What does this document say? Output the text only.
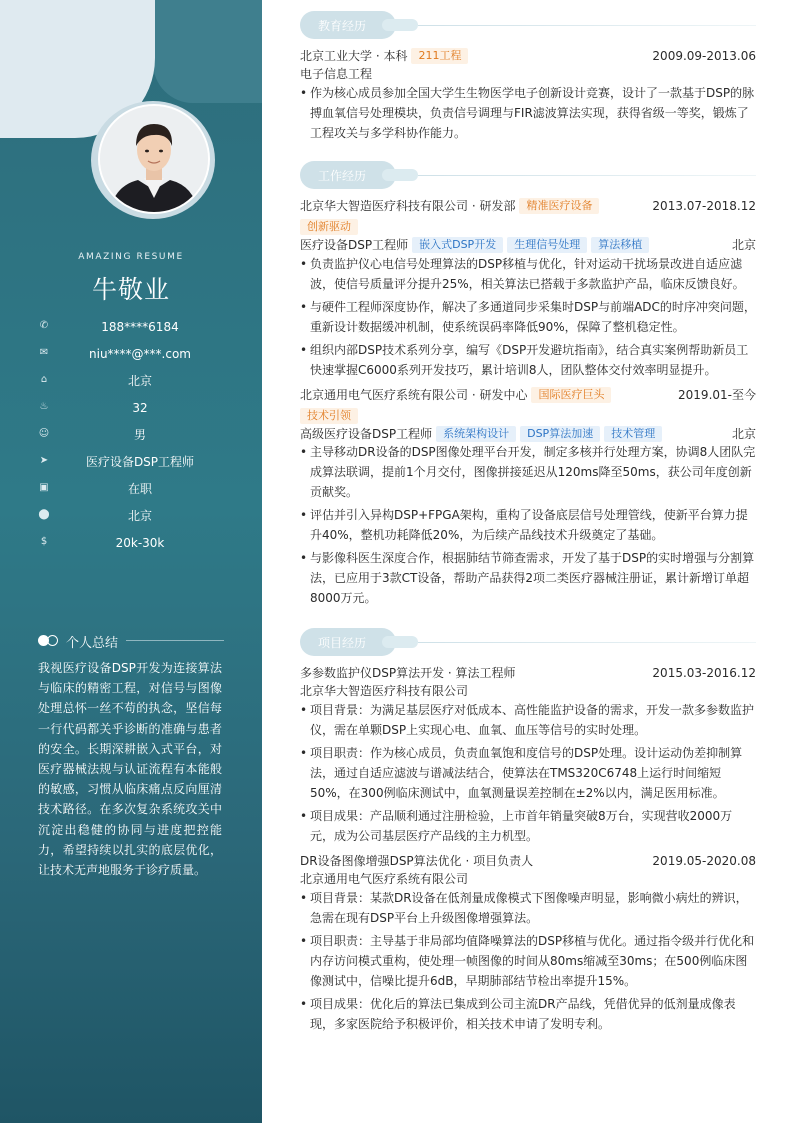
AMAZING RESUME
牛敬业
✆	188****6184
✉	niu****@***.com
⌂	北京
♨	32
☺	男
➤	医疗设备DSP工程师
▣	在职
⬤	北京
$	20k-30k
个人总结
我视医疗设备DSP开发为连接算法与临床的精密工程，对信号与图像处理总怀一丝不苟的执念，坚信每一行代码都关乎诊断的准确与患者的安全。长期深耕嵌入式平台，对医疗器械法规与认证流程有本能般的敏感，习惯从临床痛点反向厘清技术路径。在多次复杂系统攻关中沉淀出稳健的协同与进度把控能力，希望持续以扎实的底层优化，让技术无声地服务于诊疗质量。
教育经历
北京工业大学 · 本科 211工程	2009.09-2013.06
电子信息工程
• 作为核心成员参加全国大学生生物医学电子创新设计竞赛，设计了一款基于DSP的脉搏血氧信号处理模块，负责信号调理与FIR滤波算法实现，获得省级一等奖，锻炼了工程攻关与多学科协作能力。
工作经历
北京华大智造医疗科技有限公司 · 研发部 精准医疗设备	2013.07-2018.12
创新驱动
医疗设备DSP工程师 嵌入式DSP开发 生理信号处理 算法移植	北京
• 负责监护仪心电信号处理算法的DSP移植与优化，针对运动干扰场景改进自适应滤波，使信号质量评分提升25%，相关算法已搭载于多款监护产品，临床反馈良好。
• 与硬件工程师深度协作，解决了多通道同步采集时DSP与前端ADC的时序冲突问题，重新设计数据缓冲机制，使系统误码率降低90%，保障了整机稳定性。
• 组织内部DSP技术系列分享，编写《DSP开发避坑指南》，结合真实案例帮助新员工快速掌握C6000系列开发技巧，累计培训8人，团队整体交付效率明显提升。
北京通用电气医疗系统有限公司 · 研发中心 国际医疗巨头	2019.01-至今
技术引领
高级医疗设备DSP工程师 系统架构设计 DSP算法加速 技术管理	北京
• 主导移动DR设备的DSP图像处理平台开发，制定多核并行处理方案，协调8人团队完成算法联调，提前1个月交付，图像拼接延迟从120ms降至50ms，获公司年度创新贡献奖。
• 评估并引入异构DSP+FPGA架构，重构了设备底层信号处理管线，使新平台算力提升40%，整机功耗降低20%，为后续产品线技术升级奠定了基础。
• 与影像科医生深度合作，根据肺结节筛查需求，开发了基于DSP的实时增强与分割算法，已应用于3款CT设备，帮助产品获得2项二类医疗器械注册证，累计新增订单超8000万元。
项目经历
多参数监护仪DSP算法开发 · 算法工程师	2015.03-2016.12
北京华大智造医疗科技有限公司
• 项目背景：为满足基层医疗对低成本、高性能监护设备的需求，开发一款多参数监护仪，需在单颗DSP上实现心电、血氧、血压等信号的实时处理。
• 项目职责：作为核心成员，负责血氧饱和度信号的DSP处理。设计运动伪差抑制算法，通过自适应滤波与谱减法结合，使算法在TMS320C6748上运行时间缩短50%，在300例临床测试中，血氧测量误差控制在±2%以内，满足医用标准。
• 项目成果：产品顺利通过注册检验，上市首年销量突破8万台，实现营收2000万元，成为公司基层医疗产品线的主力机型。
DR设备图像增强DSP算法优化 · 项目负责人	2019.05-2020.08
北京通用电气医疗系统有限公司
• 项目背景：某款DR设备在低剂量成像模式下图像噪声明显，影响微小病灶的辨识，急需在现有DSP平台上升级图像增强算法。
• 项目职责：主导基于非局部均值降噪算法的DSP移植与优化。通过指令级并行优化和内存访问模式重构，使处理一帧图像的时间从80ms缩减至30ms；在500例临床图像测试中，信噪比提升6dB，早期肺部结节检出率提升15%。
• 项目成果：优化后的算法已集成到公司主流DR产品线，凭借优异的低剂量成像表现，多家医院给予积极评价，相关技术申请了发明专利。
